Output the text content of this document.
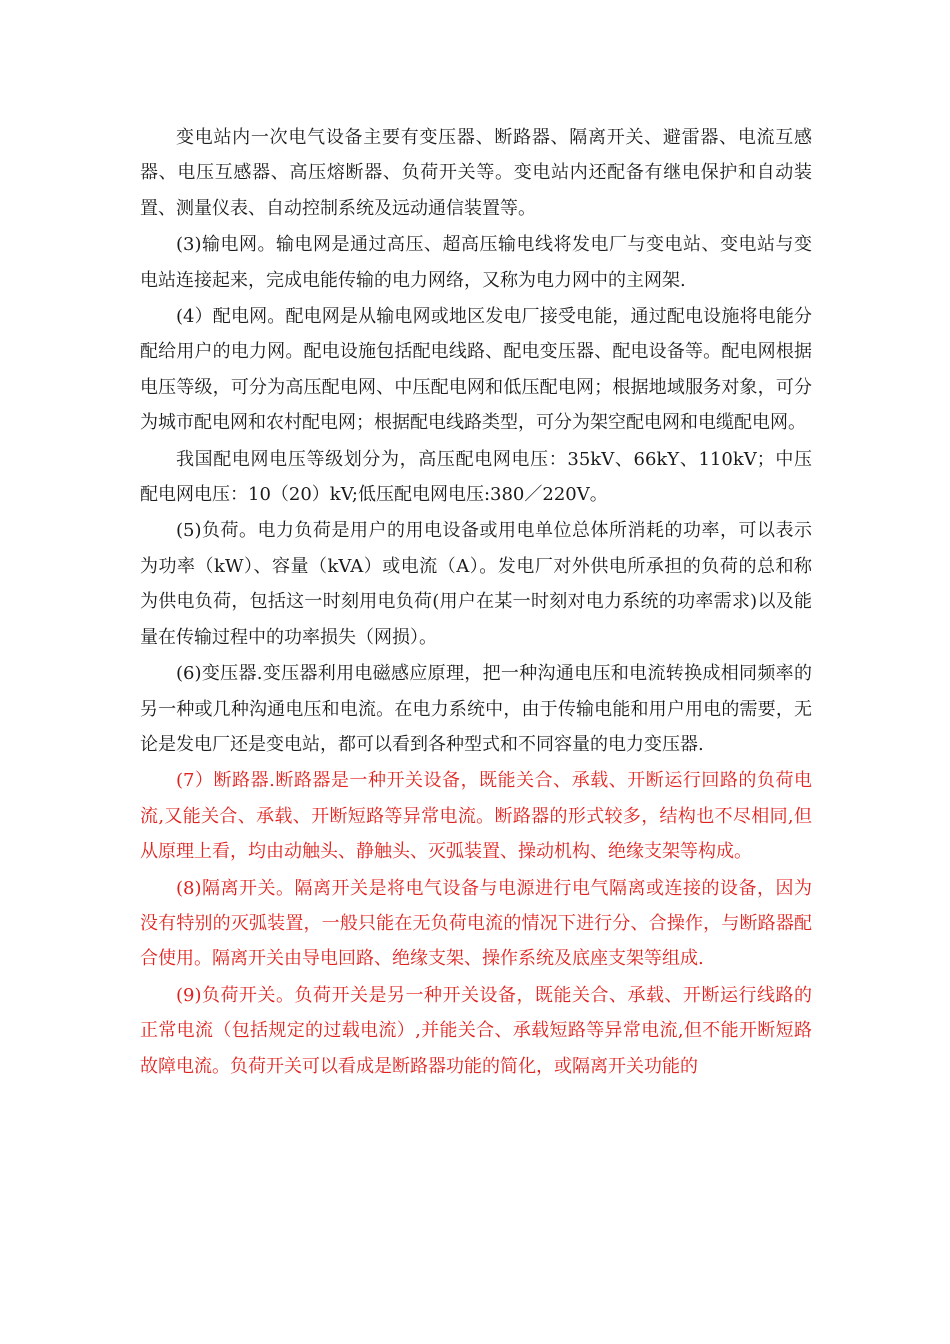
变电站内一次电气设备主要有变压器、断路器、隔离开关、避雷器、电流互感器、电压互感器、高压熔断器、负荷开关等。变电站内还配备有继电保护和自动装置、测量仪表、自动控制系统及远动通信装置等。

(3)输电网。输电网是通过高压、超高压输电线将发电厂与变电站、变电站与变电站连接起来，完成电能传输的电力网络，又称为电力网中的主网架.

(4）配电网。配电网是从输电网或地区发电厂接受电能，通过配电设施将电能分配给用户的电力网。配电设施包括配电线路、配电变压器、配电设备等。配电网根据电压等级，可分为高压配电网、中压配电网和低压配电网；根据地域服务对象，可分为城市配电网和农村配电网；根据配电线路类型，可分为架空配电网和电缆配电网。

我国配电网电压等级划分为，高压配电网电压：35kV、66kY、110kV；中压配电网电压：10（20）kV;低压配电网电压:380／220V。

(5)负荷。电力负荷是用户的用电设备或用电单位总体所消耗的功率，可以表示为功率（kW）、容量（kVA）或电流（A）。发电厂对外供电所承担的负荷的总和称为供电负荷，包括这一时刻用电负荷(用户在某一时刻对电力系统的功率需求)以及能量在传输过程中的功率损失（网损）。

(6)变压器.变压器利用电磁感应原理，把一种沟通电压和电流转换成相同频率的另一种或几种沟通电压和电流。在电力系统中，由于传输电能和用户用电的需要，无论是发电厂还是变电站，都可以看到各种型式和不同容量的电力变压器.

(7）断路器.断路器是一种开关设备，既能关合、承载、开断运行回路的负荷电流,又能关合、承载、开断短路等异常电流。断路器的形式较多，结构也不尽相同,但从原理上看，均由动触头、静触头、灭弧装置、操动机构、绝缘支架等构成。

(8)隔离开关。隔离开关是将电气设备与电源进行电气隔离或连接的设备，因为没有特别的灭弧装置，一般只能在无负荷电流的情况下进行分、合操作，与断路器配合使用。隔离开关由导电回路、绝缘支架、操作系统及底座支架等组成.

(9)负荷开关。负荷开关是另一种开关设备，既能关合、承载、开断运行线路的正常电流（包括规定的过载电流）,并能关合、承载短路等异常电流,但不能开断短路故障电流。负荷开关可以看成是断路器功能的简化，或隔离开关功能的
